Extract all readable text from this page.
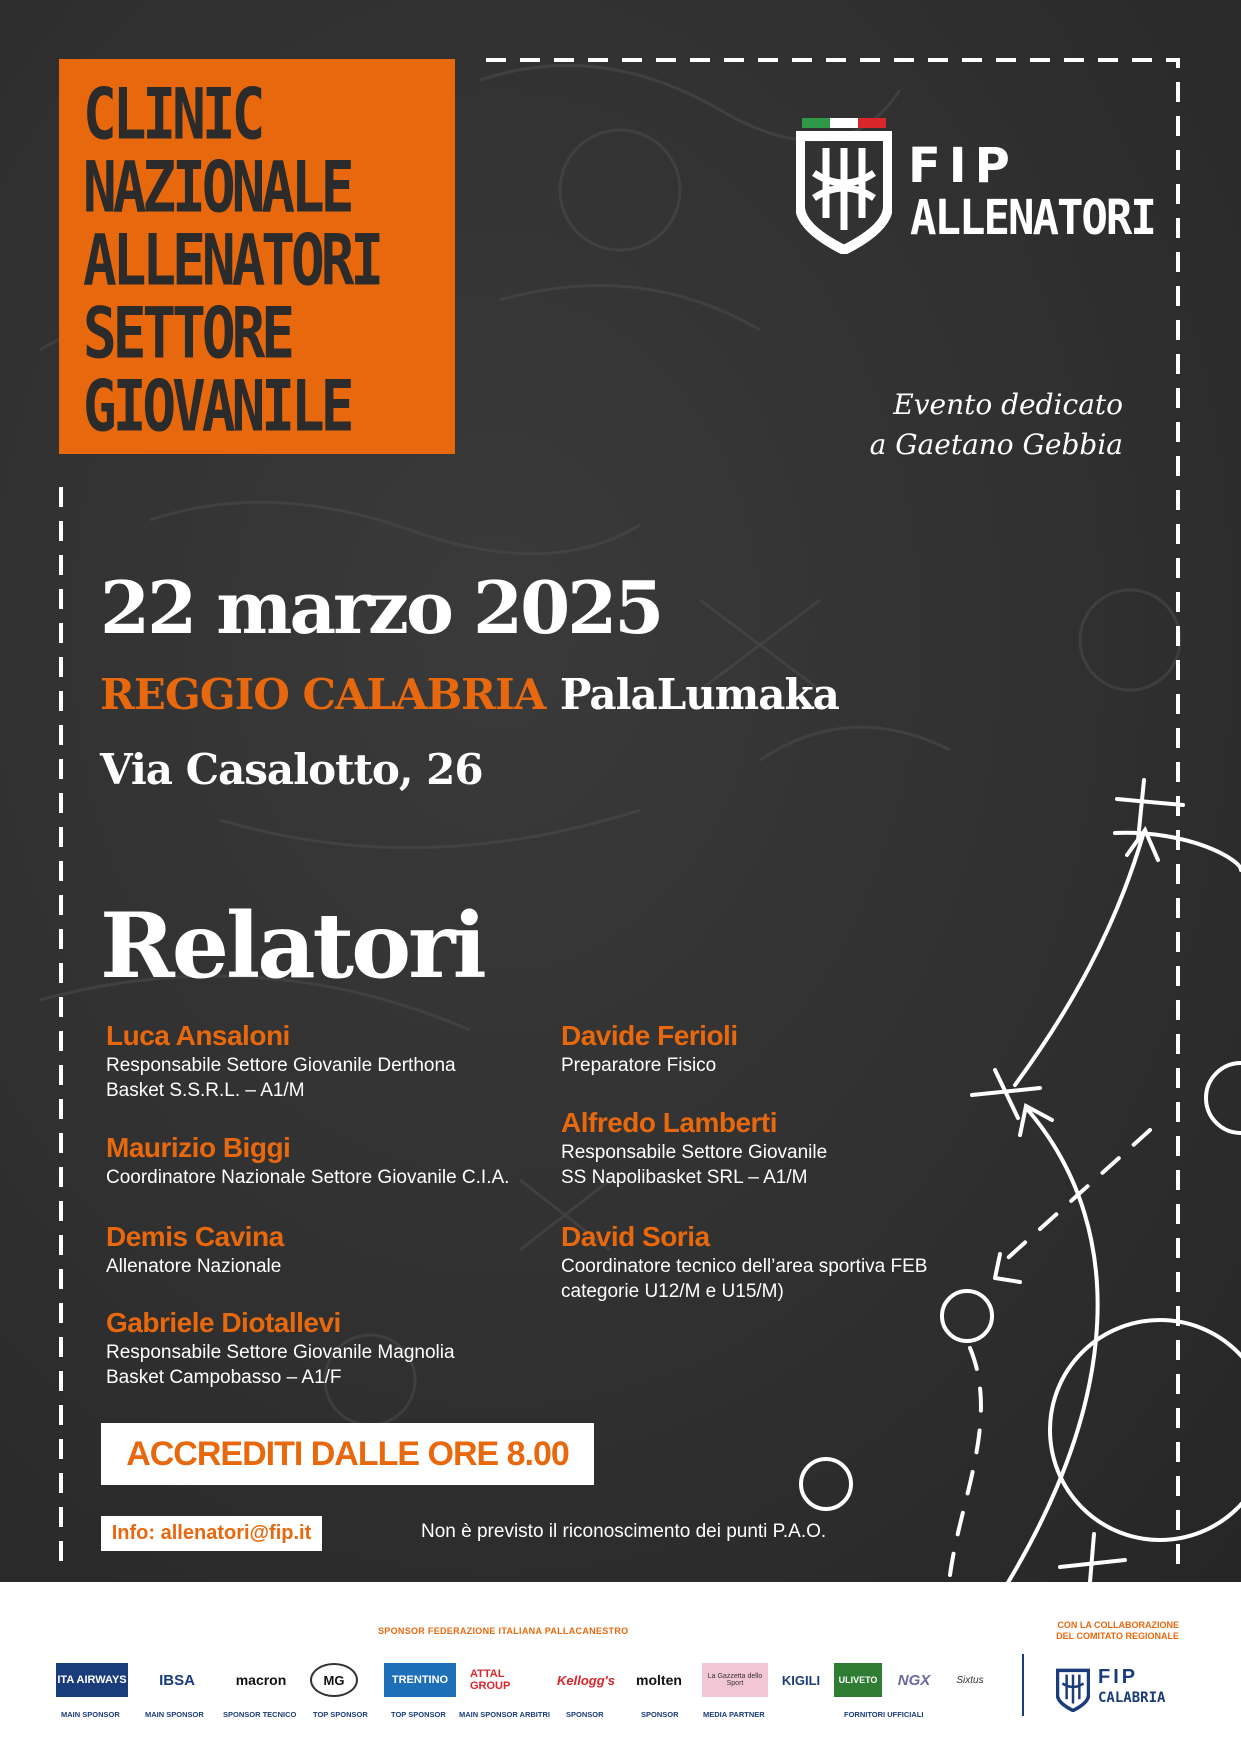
CLINIC
NAZIONALE
ALLENATORI
SETTORE
GIOVANILE
FIP
ALLENATORI
Evento dedicato
a Gaetano Gebbia
22 marzo 2025
REGGIO CALABRIA PalaLumaka
Via Casalotto, 26
Relatori
Luca Ansaloni
Responsabile Settore Giovanile Derthona
Basket S.S.R.L. – A1/M
Maurizio Biggi
Coordinatore Nazionale Settore Giovanile C.I.A.
Demis Cavina
Allenatore Nazionale
Gabriele Diotallevi
Responsabile Settore Giovanile Magnolia
Basket Campobasso – A1/F
Davide Ferioli
Preparatore Fisico
Alfredo Lamberti
Responsabile Settore Giovanile
SS Napolibasket SRL – A1/M
David Soria
Coordinatore tecnico dell’area sportiva FEB
categorie U12/M e U15/M)
ACCREDITI DALLE ORE 8.00
Info: allenatori@fip.it	Non è previsto il riconoscimento dei punti P.A.O.
SPONSOR FEDERAZIONE ITALIANA PALLACANESTRO
CON LA COLLABORAZIONE
DEL COMITATO REGIONALE
ITA AIRWAYS IBSA	macron	MG	TRENTINO ATTAL GROUP	Kellogg's molten	La Gazzetta dello Sport	KIGILI ULIVETO NGX	Sixtus
MAIN SPONSOR	MAIN SPONSOR	SPONSOR TECNICO TOP SPONSOR	TOP SPONSOR MAIN SPONSOR ARBITRI SPONSOR	SPONSOR	MEDIA PARTNER	FORNITORI UFFICIALI
FIP
CALABRIA
